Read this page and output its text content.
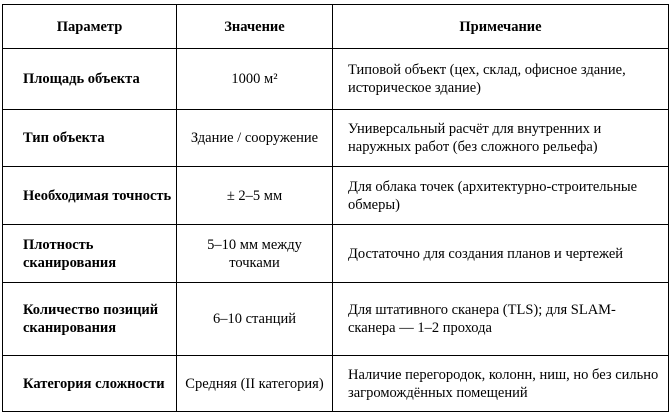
Параметр	Значение	Примечание
Площадь объекта	1000 м²	Типовой объект (цех, склад, офисное здание, историческое здание)
Тип объекта	Здание / сооружение	Универсальный расчёт для внутренних и наружных работ (без сложного рельефа)
Необходимая точность	± 2–5 мм	Для облака точек (архитектурно-строительные обмеры)
Плотность сканирования	5–10 мм между точками	Достаточно для создания планов и чертежей
Количество позиций сканирования	6–10 станций	Для штативного сканера (TLS); для SLAM-сканера — 1–2 прохода
Категория сложности	Средняя (II категория)	Наличие перегородок, колонн, ниш, но без сильно загромождённых помещений
